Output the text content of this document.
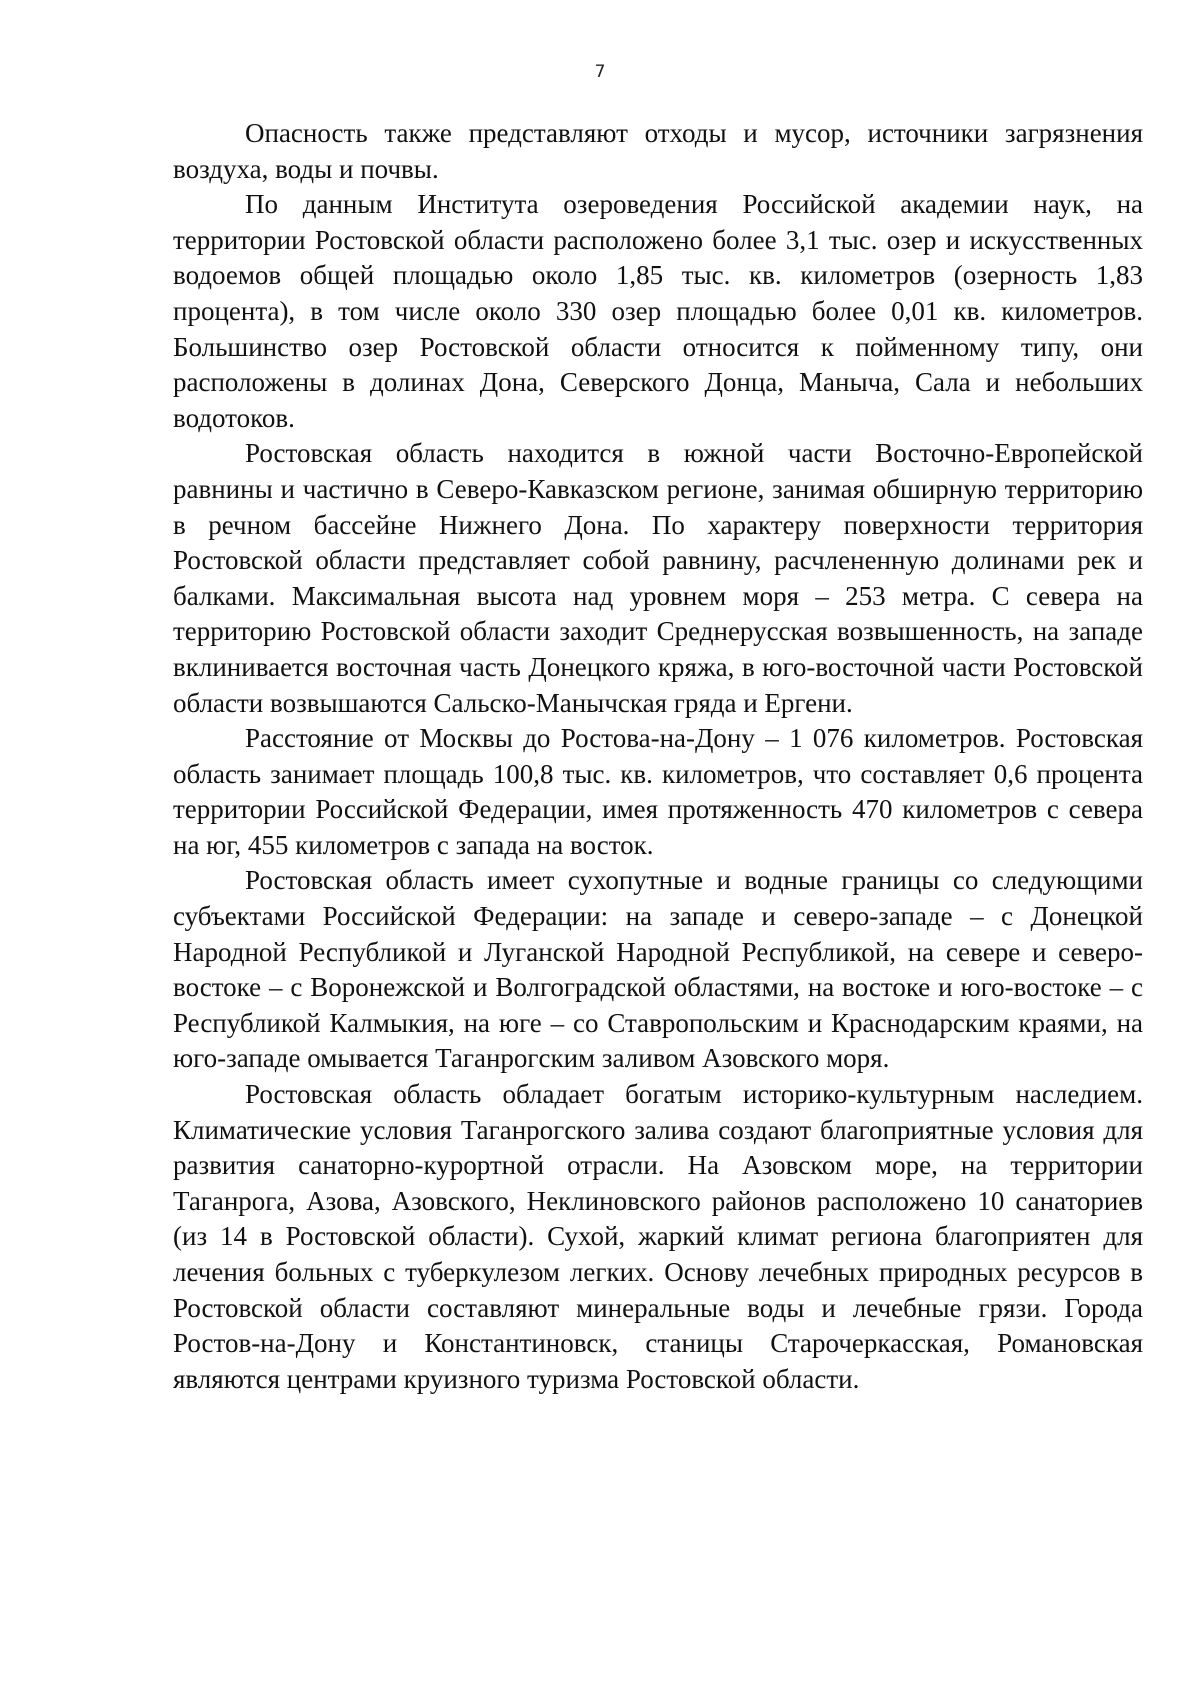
7

Опасность также представляют отходы и мусор, источники загрязнения воздуха, воды и почвы.

По данным Института озероведения Российской академии наук, на территории Ростовской области расположено более 3,1 тыс. озер и искусственных водоемов общей площадью около 1,85 тыс. кв. километров (озерность 1,83 процента), в том числе около 330 озер площадью более 0,01 кв. километров. Большинство озер Ростовской области относится к пойменному типу, они расположены в долинах Дона, Северского Донца, Маныча, Сала и небольших водотоков.

Ростовская область находится в южной части Восточно-Европейской равнины и частично в Северо-Кавказском регионе, занимая обширную территорию в речном бассейне Нижнего Дона. По характеру поверхности территория Ростовской области представляет собой равнину, расчлененную долинами рек и балками. Максимальная высота над уровнем моря – 253 метра. С севера на территорию Ростовской области заходит Среднерусская возвышенность, на западе вклинивается восточная часть Донецкого кряжа, в юго-восточной части Ростовской области возвышаются Сальско-Манычская гряда и Ергени.

Расстояние от Москвы до Ростова-на-Дону – 1 076 километров. Ростовская область занимает площадь 100,8 тыс. кв. километров, что составляет 0,6 процента территории Российской Федерации, имея протяженность 470 километров с севера на юг, 455 километров с запада на восток.

Ростовская область имеет сухопутные и водные границы со следующими субъектами Российской Федерации: на западе и северо-западе – с Донецкой Народной Республикой и Луганской Народной Республикой, на севере и северо-востоке – с Воронежской и Волгоградской областями, на востоке и юго-востоке – с Республикой Калмыкия, на юге – со Ставропольским и Краснодарским краями, на юго-западе омывается Таганрогским заливом Азовского моря.

Ростовская область обладает богатым историко-культурным наследием. Климатические условия Таганрогского залива создают благоприятные условия для развития санаторно-курортной отрасли. На Азовском море, на территории Таганрога, Азова, Азовского, Неклиновского районов расположено 10 санаториев (из 14 в Ростовской области). Сухой, жаркий климат региона благоприятен для лечения больных с туберкулезом легких. Основу лечебных природных ресурсов в Ростовской области составляют минеральные воды и лечебные грязи. Города Ростов-на-Дону и Константиновск, станицы Старочеркасская, Романовская являются центрами круизного туризма Ростовской области.
